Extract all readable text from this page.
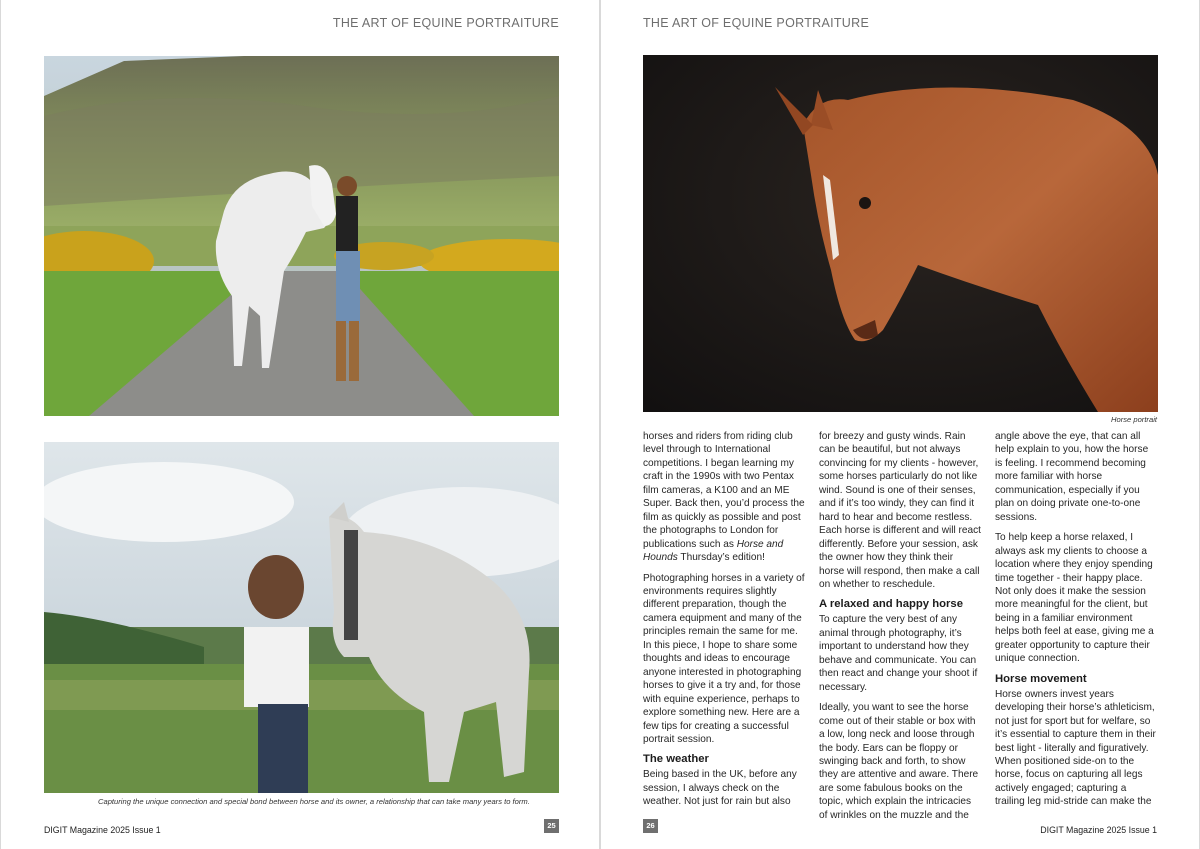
THE ART OF EQUINE PORTRAITURE
Capturing the unique connection and special bond between horse and its owner, a relationship that can take many years to form.
DIGIT Magazine 2025 Issue 1	25
THE ART OF EQUINE PORTRAITURE
Horse portrait

horses and riders from riding club level through to International competitions. I began learning my craft in the 1990s with two Pentax film cameras, a K100 and an ME Super. Back then, you’d process the film as quickly as possible and post the photographs to London for publications such as Horse and Hounds Thursday’s edition!

Photographing horses in a variety of environments requires slightly different preparation, though the camera equipment and many of the principles remain the same for me. In this piece, I hope to share some thoughts and ideas to encourage anyone interested in photographing horses to give it a try and, for those with equine experience, perhaps to explore something new. Here are a few tips for creating a successful portrait session.

The weather

Being based in the UK, before any session, I always check on the weather. Not just for rain but also

for breezy and gusty winds. Rain can be beautiful, but not always convincing for my clients - however, some horses particularly do not like wind. Sound is one of their senses, and if it’s too windy, they can find it hard to hear and become restless. Each horse is different and will react differently. Before your session, ask the owner how they think their horse will respond, then make a call on whether to reschedule.

A relaxed and happy horse

To capture the very best of any animal through photography, it’s important to understand how they behave and communicate. You can then react and change your shoot if necessary.

Ideally, you want to see the horse come out of their stable or box with a low, long neck and loose through the body. Ears can be floppy or swinging back and forth, to show they are attentive and aware. There are some fabulous books on the topic, which explain the intricacies of wrinkles on the muzzle and the

angle above the eye, that can all help explain to you, how the horse is feeling. I recommend becoming more familiar with horse communication, especially if you plan on doing private one-to-one sessions.

To help keep a horse relaxed, I always ask my clients to choose a location where they enjoy spending time together - their happy place. Not only does it make the session more meaningful for the client, but being in a familiar environment helps both feel at ease, giving me a greater opportunity to capture their unique connection.

Horse movement

Horse owners invest years developing their horse’s athleticism, not just for sport but for welfare, so it’s essential to capture them in their best light - literally and figuratively. When positioned side-on to the horse, focus on capturing all legs actively engaged; capturing a trailing leg mid-stride can make the

26	DIGIT Magazine 2025 Issue 1
